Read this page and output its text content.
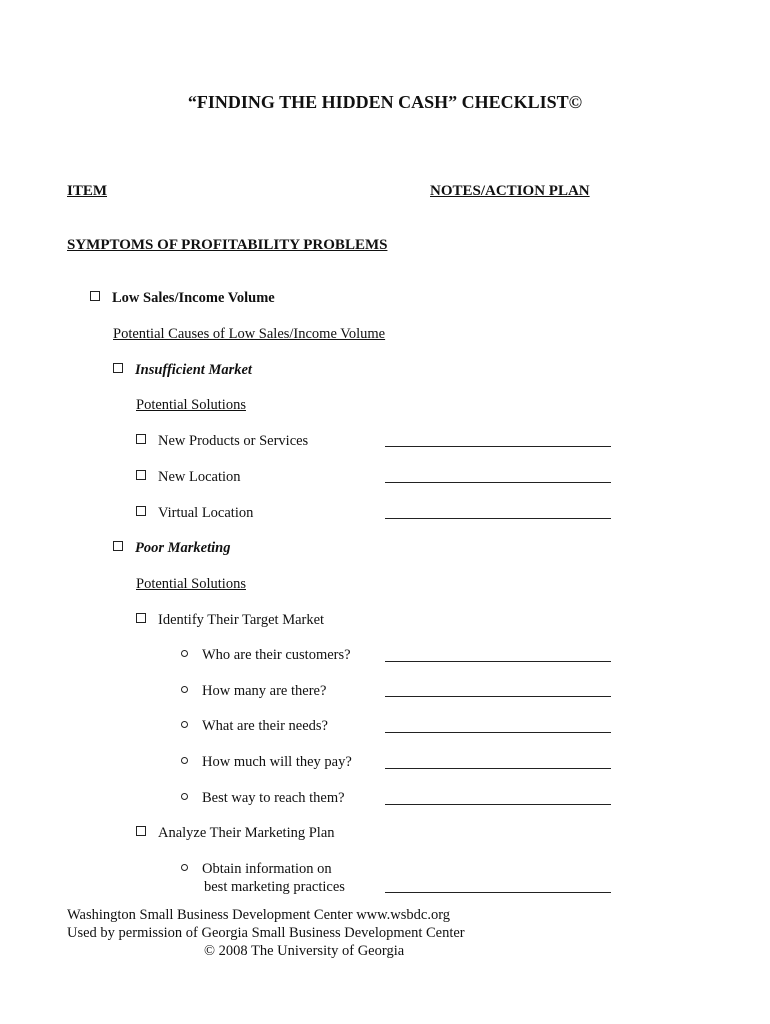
“FINDING THE HIDDEN CASH” CHECKLIST©
ITEM	NOTES/ACTION PLAN
SYMPTOMS OF PROFITABILITY PROBLEMS
Low Sales/Income Volume
Potential Causes of Low Sales/Income Volume
Insufficient Market
Potential Solutions
New Products or Services
New Location
Virtual Location
Poor Marketing
Potential Solutions
Identify Their Target Market
Who are their customers?
How many are there?
What are their needs?
How much will they pay?
Best way to reach them?
Analyze Their Marketing Plan
Obtain information on
best marketing practices
Washington Small Business Development Center www.wsbdc.org
Used by permission of Georgia Small Business Development Center
© 2008 The University of Georgia
